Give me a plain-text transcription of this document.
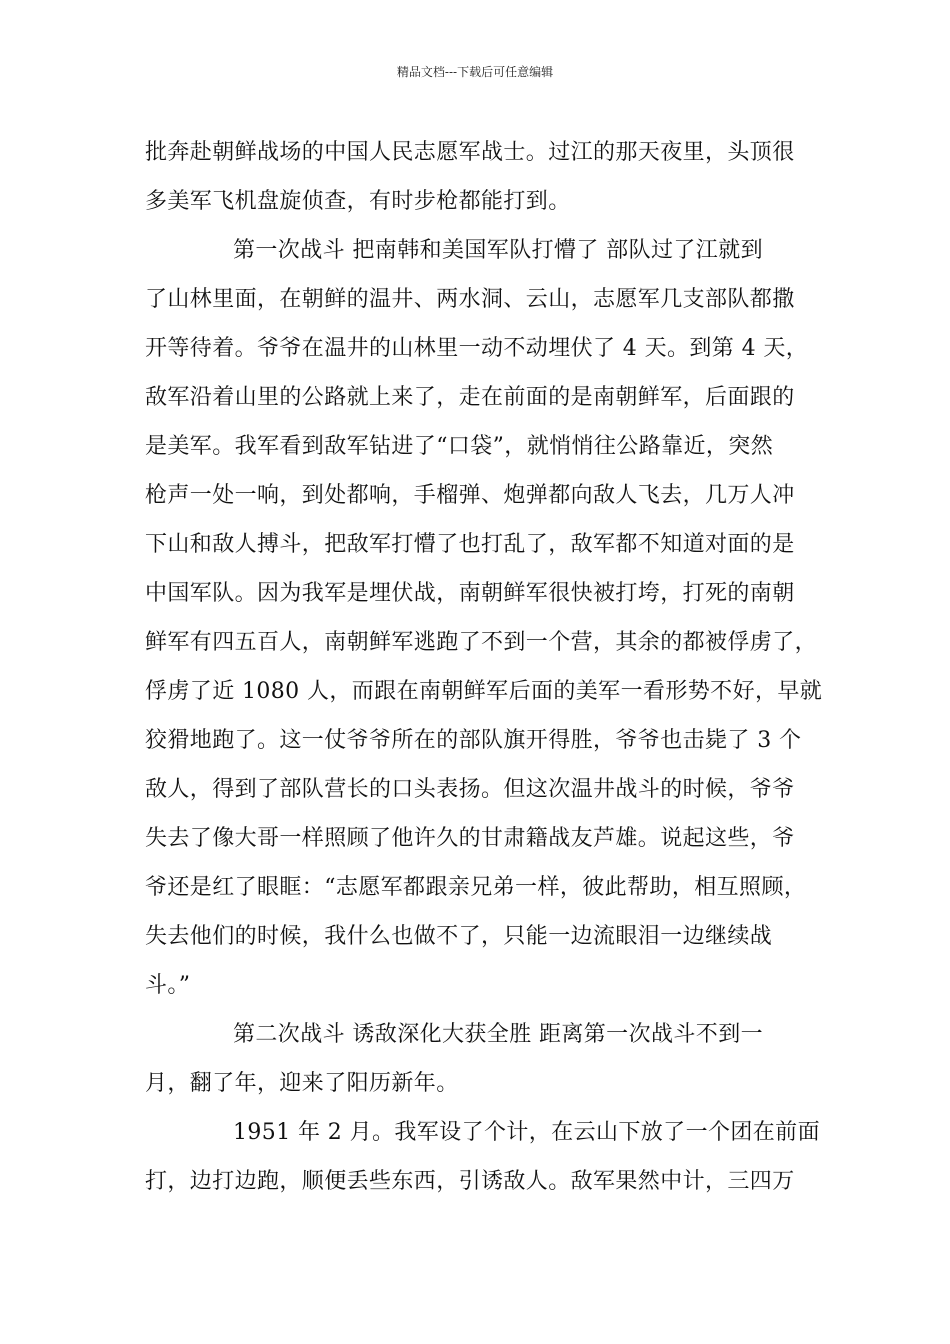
精品文档---下载后可任意编辑
批奔赴朝鲜战场的中国人民志愿军战士。过江的那天夜里，头顶很
多美军飞机盘旋侦查，有时步枪都能打到。
第一次战斗 把南韩和美国军队打懵了 部队过了江就到
了山林里面，在朝鲜的温井、两水洞、云山，志愿军几支部队都撒
开等待着。爷爷在温井的山林里一动不动埋伏了 4 天。到第 4 天，
敌军沿着山里的公路就上来了，走在前面的是南朝鲜军，后面跟的
是美军。我军看到敌军钻进了“口袋”，就悄悄往公路靠近，突然
枪声一处一响，到处都响，手榴弹、炮弹都向敌人飞去，几万人冲
下山和敌人搏斗，把敌军打懵了也打乱了，敌军都不知道对面的是
中国军队。因为我军是埋伏战，南朝鲜军很快被打垮，打死的南朝
鲜军有四五百人，南朝鲜军逃跑了不到一个营，其余的都被俘虏了，
俘虏了近 1080 人，而跟在南朝鲜军后面的美军一看形势不好，早就
狡猾地跑了。这一仗爷爷所在的部队旗开得胜，爷爷也击毙了 3 个
敌人，得到了部队营长的口头表扬。但这次温井战斗的时候，爷爷
失去了像大哥一样照顾了他许久的甘肃籍战友芦雄。说起这些，爷
爷还是红了眼眶：“志愿军都跟亲兄弟一样，彼此帮助，相互照顾，
失去他们的时候，我什么也做不了，只能一边流眼泪一边继续战
斗。”
第二次战斗 诱敌深化大获全胜 距离第一次战斗不到一
月，翻了年，迎来了阳历新年。
1951 年 2 月。我军设了个计，在云山下放了一个团在前面
打，边打边跑，顺便丢些东西，引诱敌人。敌军果然中计，三四万
